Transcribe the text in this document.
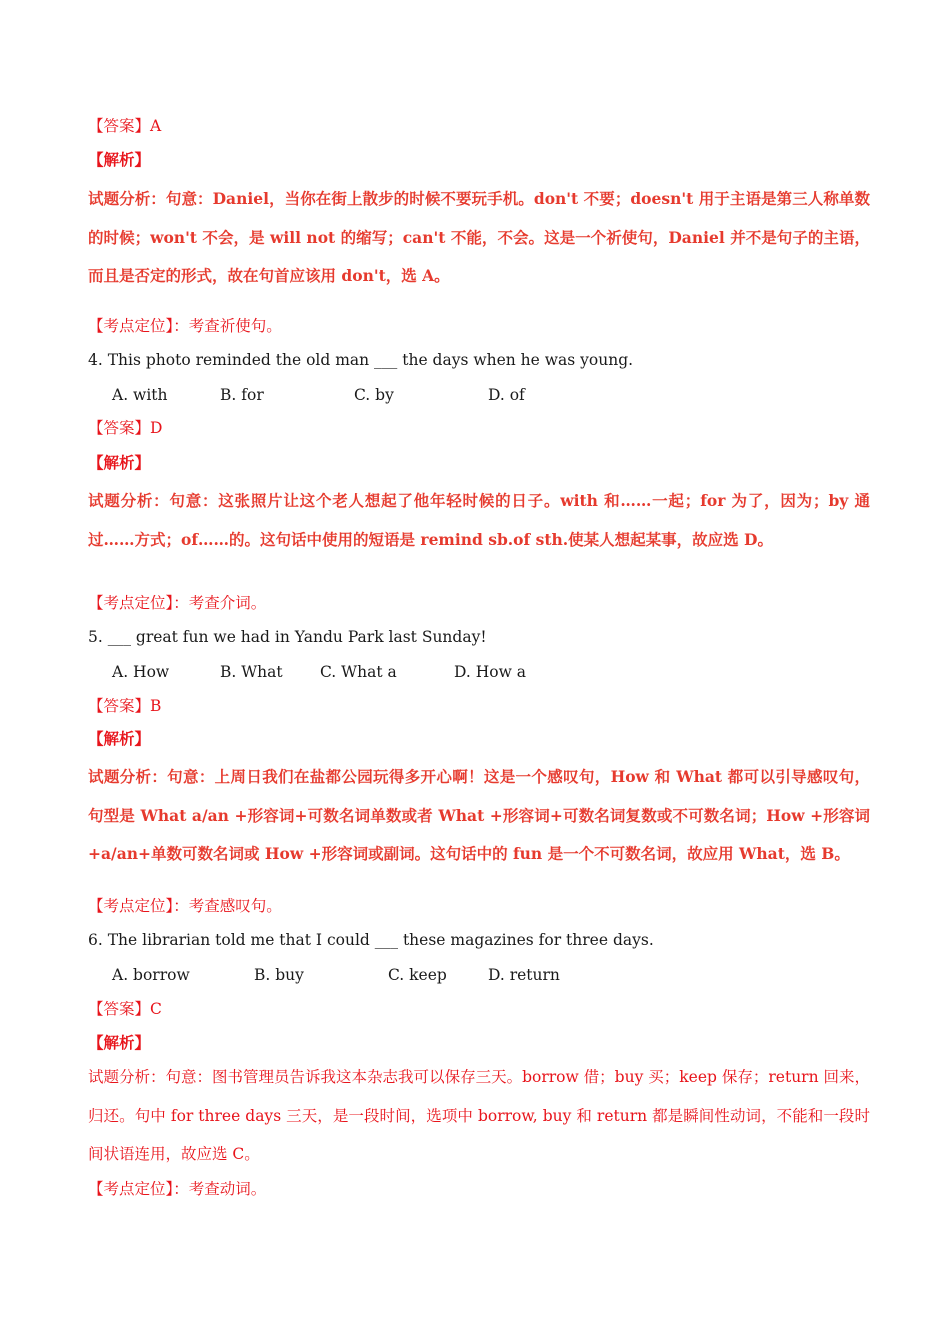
【答案】A
【解析】
试题分析：句意：Daniel，当你在街上散步的时候不要玩手机。don't 不要；doesn't 用于主语是第三人称单数的时候；won't 不会，是 will not 的缩写；can't 不能，不会。这是一个祈使句，Daniel 并不是句子的主语，而且是否定的形式，故在句首应该用 don't，选 A。
【考点定位】：考查祈使句。
4. This photo reminded the old man ___ the days when he was young.
A. with	B. for	C. by	D. of
【答案】D
【解析】
试题分析：句意：这张照片让这个老人想起了他年轻时候的日子。with 和……一起；for 为了，因为；by 通过……方式；of……的。这句话中使用的短语是 remind sb.of sth.使某人想起某事，故应选 D。
【考点定位】：考查介词。
5. ___ great fun we had in Yandu Park last Sunday!
A. How	B. What C. What a	D. How a
【答案】B
【解析】
试题分析：句意：上周日我们在盐都公园玩得多开心啊！这是一个感叹句，How 和 What 都可以引导感叹句，句型是 What a/an +形容词+可数名词单数或者 What +形容词+可数名词复数或不可数名词；How +形容词+a/an+单数可数名词或 How +形容词或副词。这句话中的 fun 是一个不可数名词，故应用 What，选 B。
【考点定位】：考查感叹句。
6. The librarian told me that I could ___ these magazines for three days.
A. borrow	B. buy	C. keep	D. return
【答案】C
【解析】
试题分析：句意：图书管理员告诉我这本杂志我可以保存三天。borrow 借；buy 买；keep 保存；return 回来，归还。句中 for three days 三天，是一段时间，选项中 borrow, buy 和 return 都是瞬间性动词，不能和一段时间状语连用，故应选 C。
【考点定位】：考查动词。
